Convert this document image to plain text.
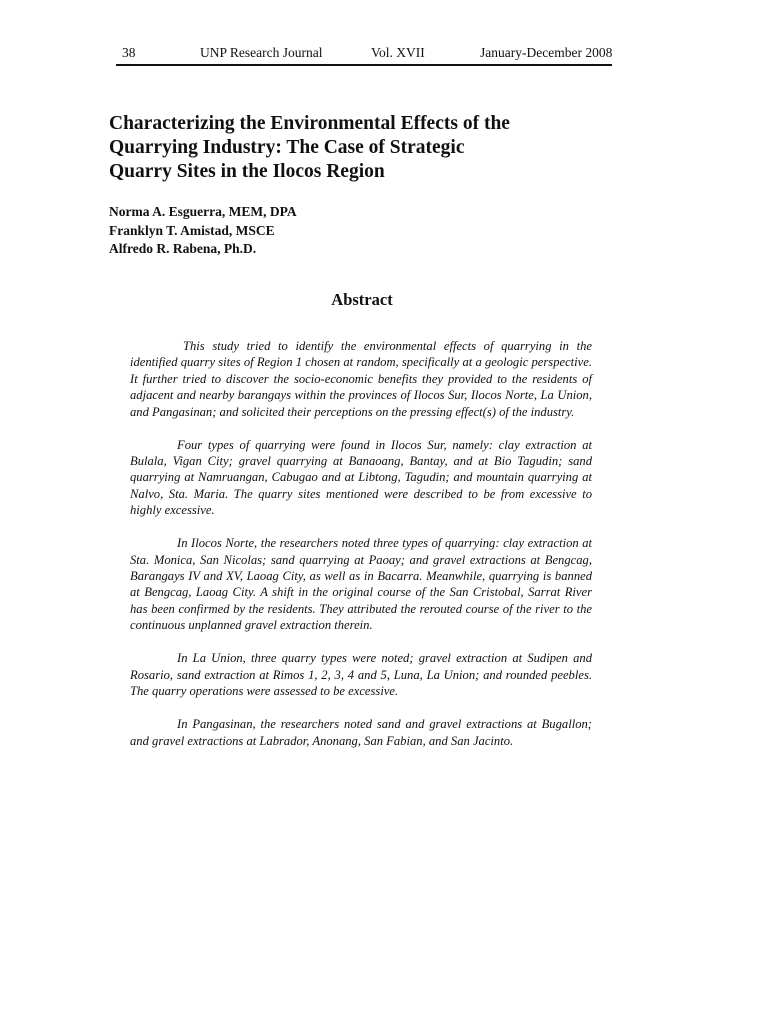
38	UNP Research Journal	Vol. XVII	January-December 2008
Characterizing the Environmental Effects of the
Quarrying Industry: The Case of Strategic
Quarry Sites in the Ilocos Region
Norma A. Esguerra, MEM, DPA
Franklyn T. Amistad, MSCE
Alfredo R. Rabena, Ph.D.
Abstract

This study tried to identify the environmental effects of quarrying in the identified quarry sites of Region 1 chosen at random, specifically at a geologic perspective. It further tried to discover the socio-economic benefits they provided to the residents of adjacent and nearby barangays within the provinces of Ilocos Sur, Ilocos Norte, La Union, and Pangasinan; and solicited their perceptions on the pressing effect(s) of the industry.

Four types of quarrying were found in Ilocos Sur, namely: clay extraction at Bulala, Vigan City; gravel quarrying at Banaoang, Bantay, and at Bio Tagudin; sand quarrying at Namruangan, Cabugao and at Libtong, Tagudin; and mountain quarrying at Nalvo, Sta. Maria. The quarry sites mentioned were described to be from excessive to highly excessive.

In Ilocos Norte, the researchers noted three types of quarrying: clay extraction at Sta. Monica, San Nicolas; sand quarrying at Paoay; and gravel extractions at Bengcag, Barangays IV and XV, Laoag City, as well as in Bacarra. Meanwhile, quarrying is banned at Bengcag, Laoag City. A shift in the original course of the San Cristobal, Sarrat River has been confirmed by the residents. They attributed the rerouted course of the river to the continuous unplanned gravel extraction therein.

In La Union, three quarry types were noted; gravel extraction at Sudipen and Rosario, sand extraction at Rimos 1, 2, 3, 4 and 5, Luna, La Union; and rounded peebles. The quarry operations were assessed to be excessive.

In Pangasinan, the researchers noted sand and gravel extractions at Bugallon; and gravel extractions at Labrador, Anonang, San Fabian, and San Jacinto.
